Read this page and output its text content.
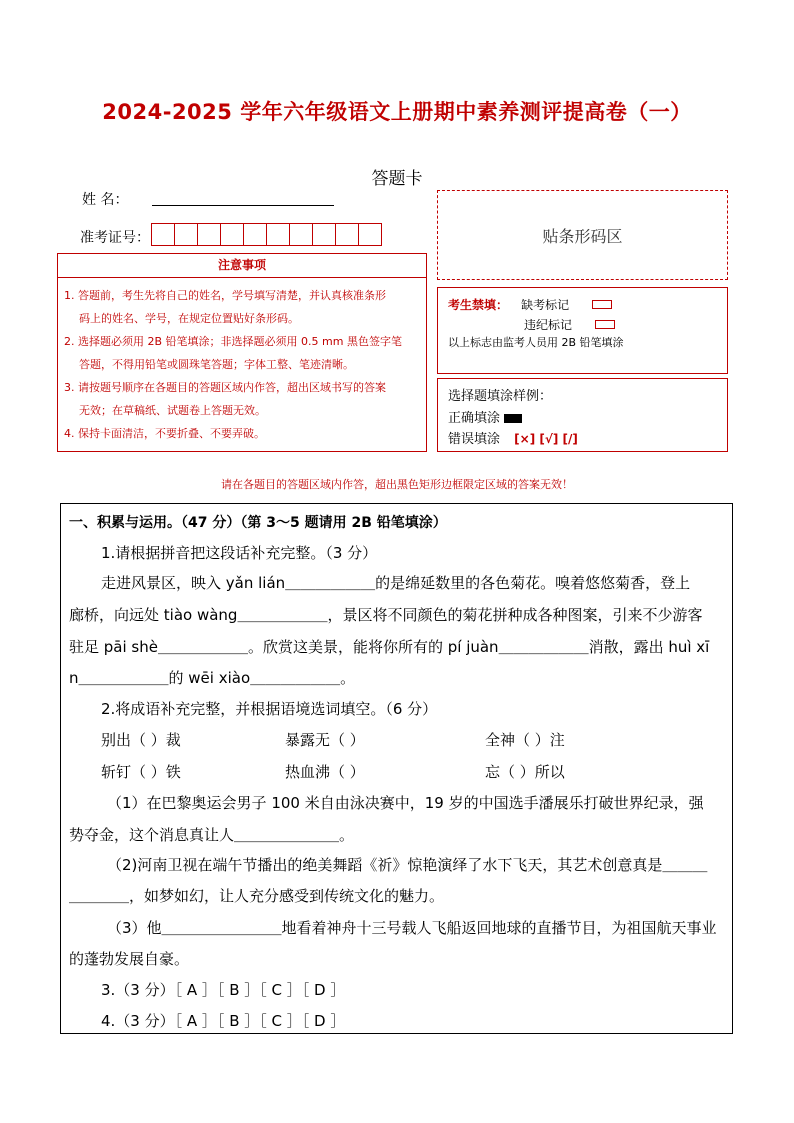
2024-2025 学年六年级语文上册期中素养测评提高卷（一）
答题卡
姓 名：
准考证号：
注意事项
1. 答题前，考生先将自己的姓名，学号填写清楚，并认真核准条形
码上的姓名、学号，在规定位置贴好条形码。
2. 选择题必须用 2B 铅笔填涂；非选择题必须用 0.5 mm 黑色签字笔
答题，不得用铅笔或圆珠笔答题；字体工整、笔迹清晰。
3. 请按题号顺序在各题目的答题区域内作答，超出区域书写的答案
无效；在草稿纸、试题卷上答题无效。
4. 保持卡面清洁，不要折叠、不要弄破。
贴条形码区
考生禁填： 缺考标记
违纪标记
以上标志由监考人员用 2B 铅笔填涂
选择题填涂样例：
正确填涂
错误填涂 [×] [√] [/]
请在各题目的答题区域内作答，超出黑色矩形边框限定区域的答案无效！
一、积累与运用。（47 分）（第 3～5 题请用 2B 铅笔填涂）
1.请根据拼音把这段话补充完整。（3 分）
走进风景区，映入 yǎn lián＿＿＿＿＿＿的是绵延数里的各色菊花。嗅着悠悠菊香，登上
廊桥，向远处 tiào wàng＿＿＿＿＿＿，景区将不同颜色的菊花拼种成各种图案，引来不少游客
驻足 pāi shè＿＿＿＿＿＿。欣赏这美景，能将你所有的 pí juàn＿＿＿＿＿＿消散，露出 huì xī
n＿＿＿＿＿＿的 wēi xiào＿＿＿＿＿＿。
2.将成语补充完整，并根据语境选词填空。（6 分）
别出（ ）裁	暴露无（ ）	全神（ ）注
斩钉（ ）铁	热血沸（ ）	忘（ ）所以
（1）在巴黎奥运会男子 100 米自由泳决赛中，19 岁的中国选手潘展乐打破世界纪录，强
势夺金，这个消息真让人＿＿＿＿＿＿＿。
（2)河南卫视在端午节播出的绝美舞蹈《祈》惊艳演绎了水下飞天，其艺术创意真是＿＿＿
＿＿＿＿，如梦如幻，让人充分感受到传统文化的魅力。
（3）他＿＿＿＿＿＿＿＿地看着神舟十三号载人飞船返回地球的直播节目，为祖国航天事业
的蓬勃发展自豪。
3.（3 分）［ A ］［ B ］［ C ］［ D ］
4.（3 分）［ A ］［ B ］［ C ］［ D ］
